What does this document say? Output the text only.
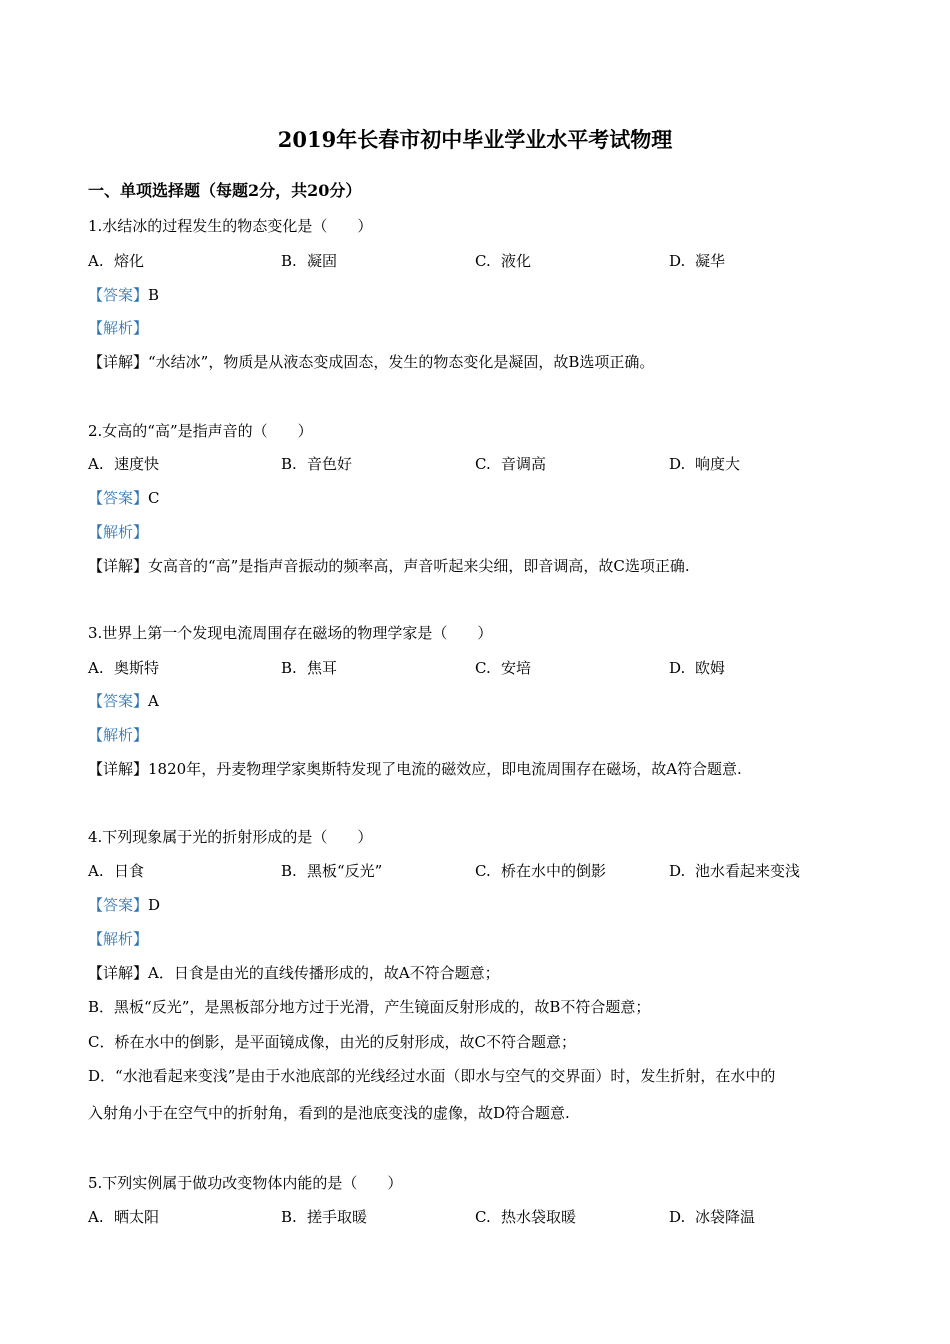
2019年长春市初中毕业学业水平考试物理
一、单项选择题（每题2分，共20分）
1.水结冰的过程发生的物态变化是（　　）
A. 熔化	B. 凝固	C. 液化	D. 凝华
【答案】B
【解析】
【详解】“水结冰”，物质是从液态变成固态，发生的物态变化是凝固，故B选项正确。
2.女高的“高”是指声音的（　　）
A. 速度快	B. 音色好	C. 音调高	D. 响度大
【答案】C
【解析】
【详解】女高音的“高”是指声音振动的频率高，声音听起来尖细，即音调高，故C选项正确.
3.世界上第一个发现电流周围存在磁场的物理学家是（　　）
A. 奥斯特	B. 焦耳	C. 安培	D. 欧姆
【答案】A
【解析】
【详解】1820年，丹麦物理学家奥斯特发现了电流的磁效应，即电流周围存在磁场，故A符合题意.
4.下列现象属于光的折射形成的是（　　）
A. 日食	B. 黑板“反光”	C. 桥在水中的倒影	D. 池水看起来变浅
【答案】D
【解析】
【详解】A．日食是由光的直线传播形成的，故A不符合题意；
B．黑板“反光”，是黑板部分地方过于光滑，产生镜面反射形成的，故B不符合题意；
C．桥在水中的倒影，是平面镜成像，由光的反射形成，故C不符合题意；
D．“水池看起来变浅”是由于水池底部的光线经过水面（即水与空气的交界面）时，发生折射，在水中的
入射角小于在空气中的折射角，看到的是池底变浅的虚像，故D符合题意.
5.下列实例属于做功改变物体内能的是（　　）
A. 晒太阳	B. 搓手取暖	C. 热水袋取暖	D. 冰袋降温
